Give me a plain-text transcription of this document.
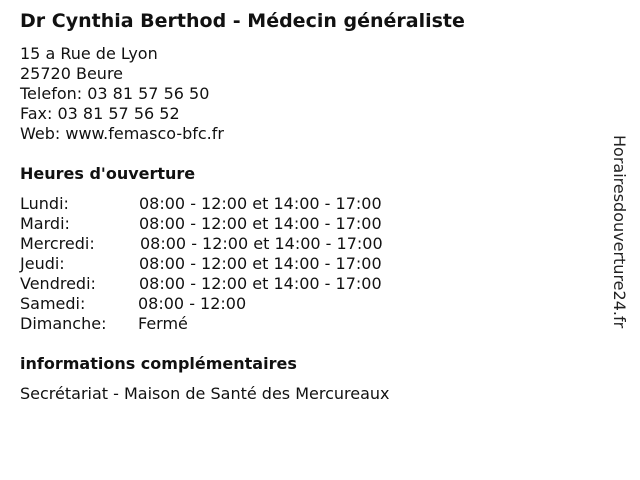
Dr Cynthia Berthod - Médecin généraliste
15 a Rue de Lyon
25720 Beure
Telefon: 03 81 57 56 50
Fax: 03 81 57 56 52
Web: www.femasco-bfc.fr
Heures d'ouverture
Lundi:	08:00 - 12:00 et 14:00 - 17:00
Mardi:	08:00 - 12:00 et 14:00 - 17:00
Mercredi:	08:00 - 12:00 et 14:00 - 17:00
Jeudi:	08:00 - 12:00 et 14:00 - 17:00
Vendredi:	08:00 - 12:00 et 14:00 - 17:00
Samedi:	08:00 - 12:00
Dimanche: Fermé
informations complémentaires
Secrétariat - Maison de Santé des Mercureaux
Horairesdouverture24.fr
